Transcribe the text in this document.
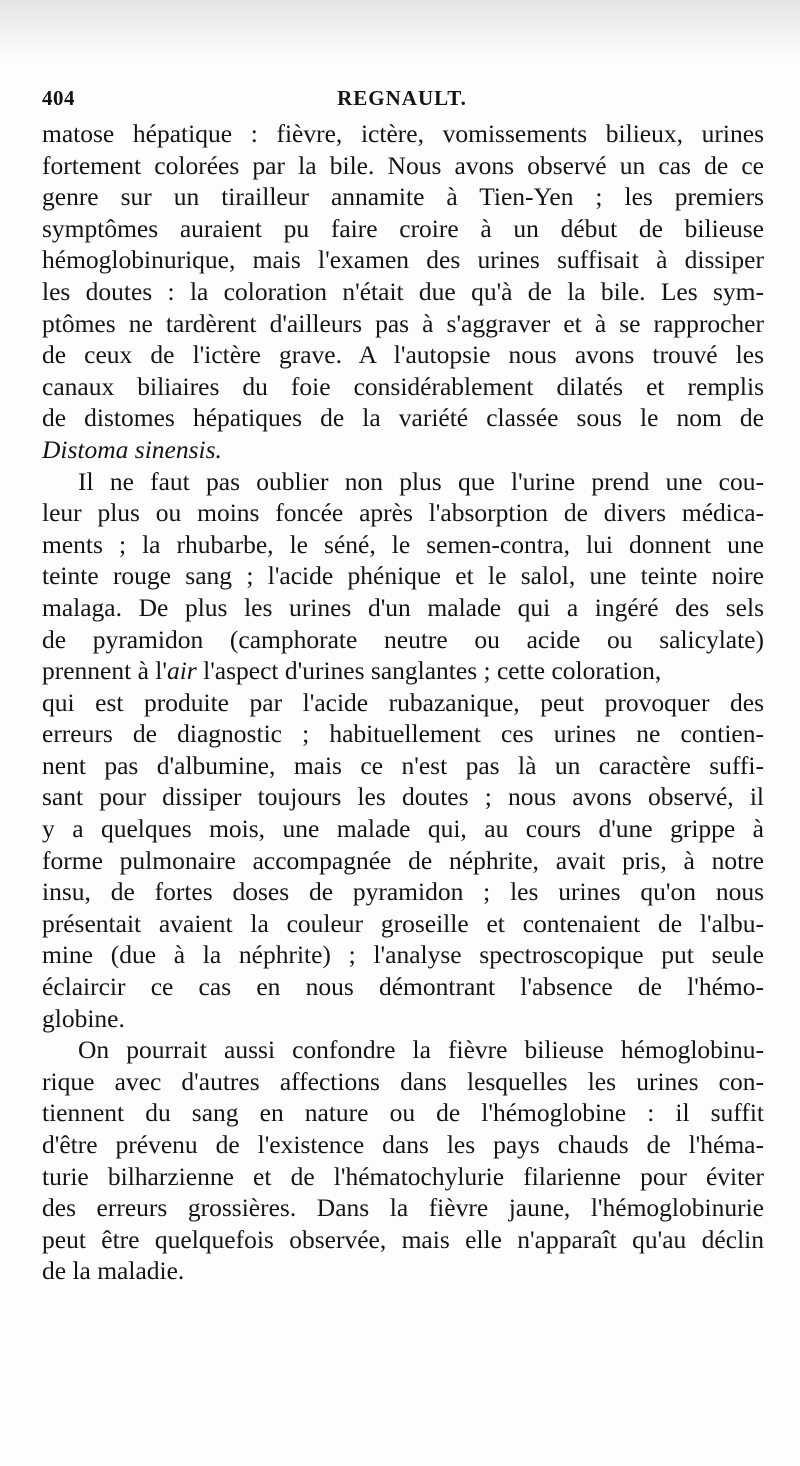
404	REGNAULT.
matose hépatique : fièvre, ictère, vomissements bilieux, urines
fortement colorées par la bile. Nous avons observé un cas de ce
genre sur un tirailleur annamite à Tien-Yen ; les premiers
symptômes auraient pu faire croire à un début de bilieuse
hémoglobinurique, mais l'examen des urines suffisait à dissiper
les doutes : la coloration n'était due qu'à de la bile. Les sym-
ptômes ne tardèrent d'ailleurs pas à s'aggraver et à se rapprocher
de ceux de l'ictère grave. A l'autopsie nous avons trouvé les
canaux biliaires du foie considérablement dilatés et remplis
de distomes hépatiques de la variété classée sous le nom de
Distoma sinensis.
Il ne faut pas oublier non plus que l'urine prend une cou-
leur plus ou moins foncée après l'absorption de divers médica-
ments ; la rhubarbe, le séné, le semen-contra, lui donnent une
teinte rouge sang ; l'acide phénique et le salol, une teinte noire
malaga. De plus les urines d'un malade qui a ingéré des sels
de pyramidon (camphorate neutre ou acide ou salicylate)
prennent à l'air l'aspect d'urines sanglantes ; cette coloration,
qui est produite par l'acide rubazanique, peut provoquer des
erreurs de diagnostic ; habituellement ces urines ne contien-
nent pas d'albumine, mais ce n'est pas là un caractère suffi-
sant pour dissiper toujours les doutes ; nous avons observé, il
y a quelques mois, une malade qui, au cours d'une grippe à
forme pulmonaire accompagnée de néphrite, avait pris, à notre
insu, de fortes doses de pyramidon ; les urines qu'on nous
présentait avaient la couleur groseille et contenaient de l'albu-
mine (due à la néphrite) ; l'analyse spectroscopique put seule
éclaircir ce cas en nous démontrant l'absence de l'hémo-
globine.
On pourrait aussi confondre la fièvre bilieuse hémoglobinu-
rique avec d'autres affections dans lesquelles les urines con-
tiennent du sang en nature ou de l'hémoglobine : il suffit
d'être prévenu de l'existence dans les pays chauds de l'héma-
turie bilharzienne et de l'hématochylurie filarienne pour éviter
des erreurs grossières. Dans la fièvre jaune, l'hémoglobinurie
peut être quelquefois observée, mais elle n'apparaît qu'au déclin
de la maladie.
